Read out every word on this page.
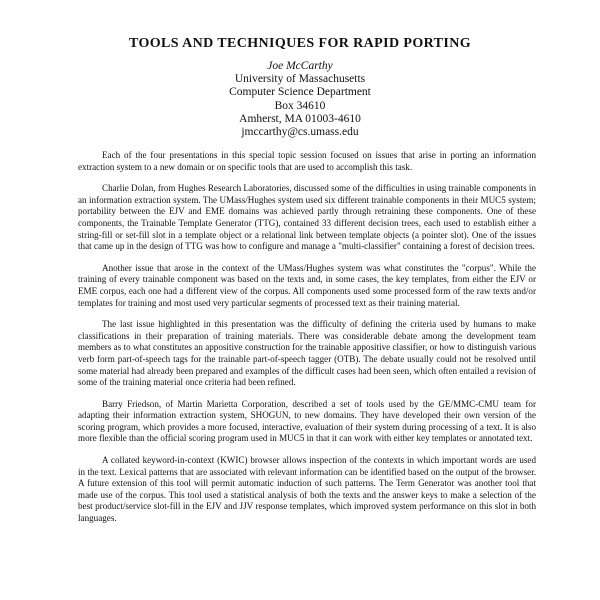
TOOLS AND TECHNIQUES FOR RAPID PORTING
Joe McCarthy
University of Massachusetts
Computer Science Department
Box 34610
Amherst, MA 01003-4610
jmccarthy@cs.umass.edu

Each of the four presentations in this special topic session focused on issues that arise in porting an information extraction system to a new domain or on specific tools that are used to accomplish this task.

Charlie Dolan, from Hughes Research Laboratories, discussed some of the difficulties in using trainable components in an information extraction system. The UMass/Hughes system used six different trainable components in their MUC5 system; portability between the EJV and EME domains was achieved partly through retraining these components. One of these components, the Trainable Template Generator (TTG), contained 33 different decision trees, each used to establish either a string-fill or set-fill slot in a template object or a relational link between template objects (a pointer slot). One of the issues that came up in the design of TTG was how to configure and manage a "multi-classifier" containing a forest of decision trees.

Another issue that arose in the context of the UMass/Hughes system was what constitutes the "corpus". While the training of every trainable component was based on the texts and, in some cases, the key templates, from either the EJV or EME corpus, each one had a different view of the corpus. All components used some processed form of the raw texts and/or templates for training and most used very particular segments of processed text as their training material.

The last issue highlighted in this presentation was the difficulty of defining the criteria used by humans to make classifications in their preparation of training materials. There was considerable debate among the development team members as to what constitutes an appositive construction for the trainable appositive classifier, or how to distinguish various verb form part-of-speech tags for the trainable part-of-speech tagger (OTB). The debate usually could not be resolved until some material had already been prepared and examples of the difficult cases had been seen, which often entailed a revision of some of the training material once criteria had been refined.

Barry Friedson, of Martin Marietta Corporation, described a set of tools used by the GE/MMC-CMU team for adapting their information extraction system, SHOGUN, to new domains. They have developed their own version of the scoring program, which provides a more focused, interactive, evaluation of their system during processing of a text. It is also more flexible than the official scoring program used in MUC5 in that it can work with either key templates or annotated text.

A collated keyword-in-context (KWIC) browser allows inspection of the contexts in which important words are used in the text. Lexical patterns that are associated with relevant information can be identified based on the output of the browser. A future extension of this tool will permit automatic induction of such patterns. The Term Generator was another tool that made use of the corpus. This tool used a statistical analysis of both the texts and the answer keys to make a selection of the best product/service slot-fill in the EJV and JJV response templates, which improved system performance on this slot in both languages.
